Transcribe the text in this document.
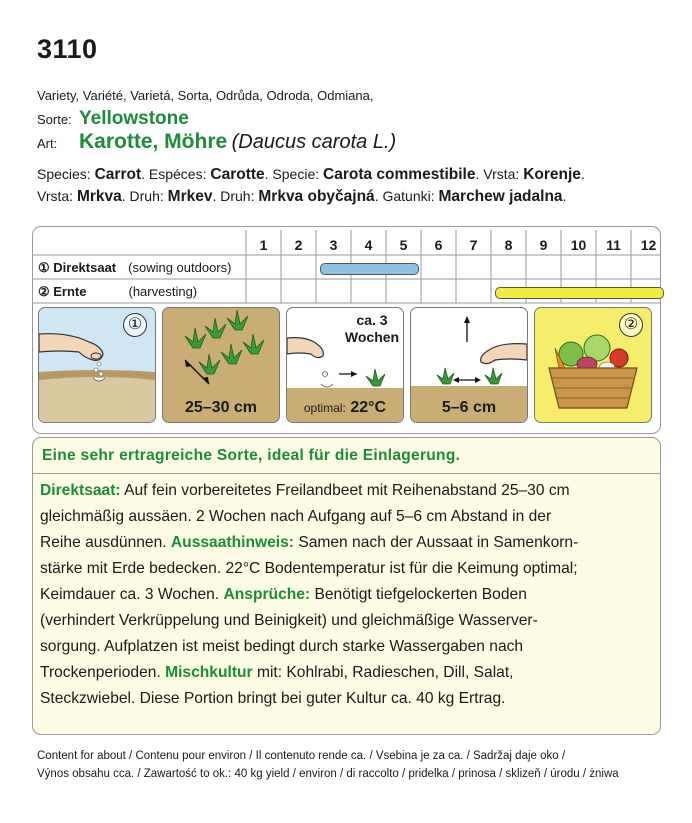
3110
Variety, Variété, Varietá, Sorta, Odrůda, Odroda, Odmiana,
Sorte: Yellowstone
Art: Karotte, Möhre (Daucus carota L.)
Species: Carrot. Espéces: Carotte. Specie: Carota commestibile. Vrsta: Korenje.
Vrsta: Mrkva. Druh: Mrkev. Druh: Mrkva obyčajná. Gatunki: Marchew jadalna.
1	2	3	4	5	6	7	8	9	10	11	12
① Direktsaat (sowing outdoors)
② Ernte	(harvesting)
①
25–30 cm
ca. 3 Wochen
optimal: 22°C	5–6 cm
②
Eine sehr ertragreiche Sorte, ideal für die Einlagerung.

Direktsaat: Auf fein vorbereitetes Freilandbeet mit Reihenabstand 25–30 cm

gleichmäßig aussäen. 2 Wochen nach Aufgang auf 5–6 cm Abstand in der

Reihe ausdünnen. Aussaathinweis: Samen nach der Aussaat in Samenkorn-

stärke mit Erde bedecken. 22°C Bodentemperatur ist für die Keimung optimal;

Keimdauer ca. 3 Wochen. Ansprüche: Benötigt tiefgelockerten Boden

(verhindert Verkrüppelung und Beinigkeit) und gleichmäßige Wasserver-

sorgung. Aufplatzen ist meist bedingt durch starke Wassergaben nach

Trockenperioden. Mischkultur mit: Kohlrabi, Radieschen, Dill, Salat,

Steckzwiebel. Diese Portion bringt bei guter Kultur ca. 40 kg Ertrag.

Content for about / Contenu pour environ / Il contenuto rende ca. / Vsebina je za ca. / Sadržaj daje oko /
Výnos obsahu cca. / Zawartość to ok.: 40 kg yield / environ / di raccolto / pridelka / prinosa / sklizeň / úrodu / żniwa
